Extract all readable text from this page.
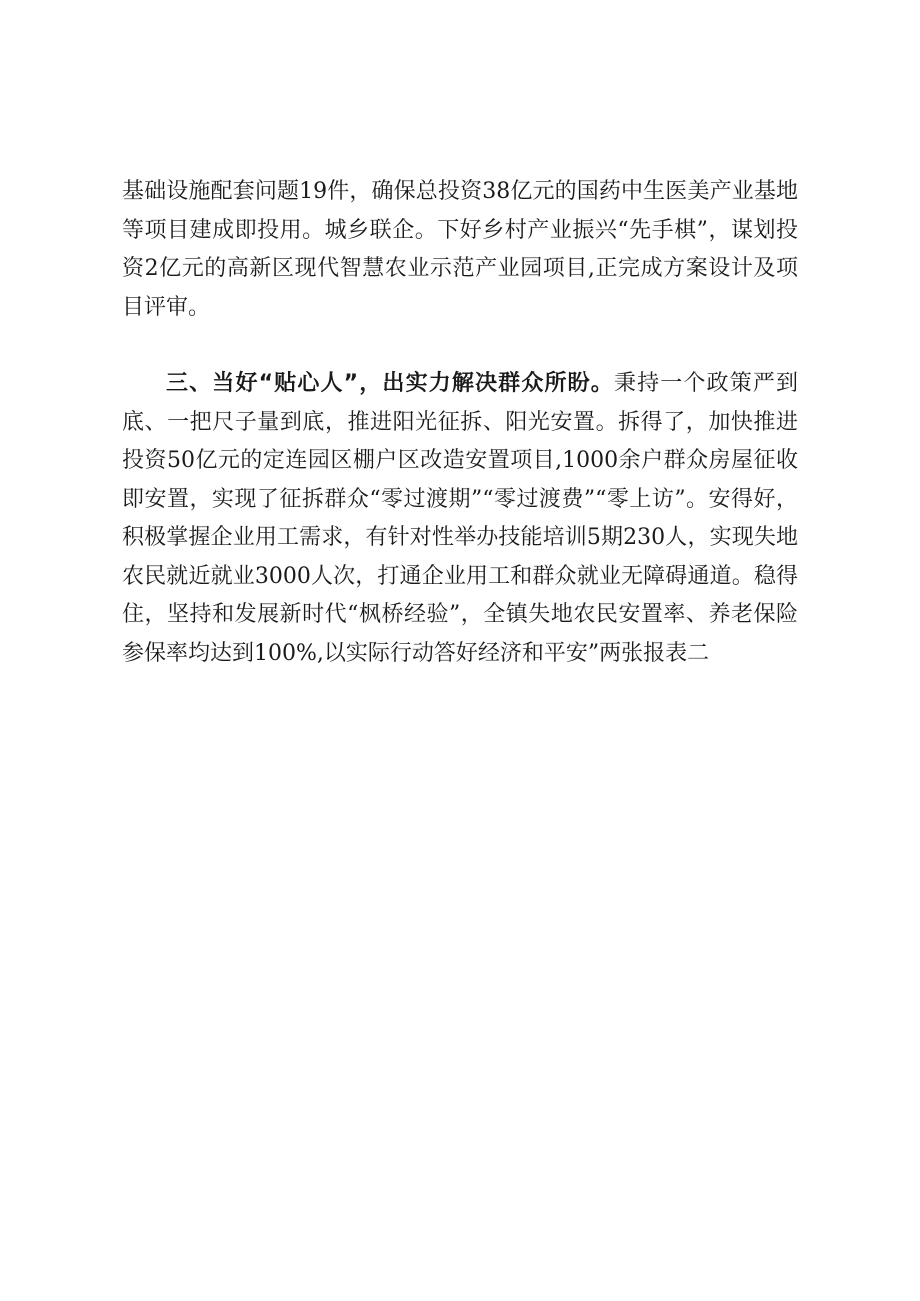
基础设施配套问题19件，确保总投资38亿元的国药中生医美产业基地等项目建成即投用。城乡联企。下好乡村产业振兴“先手棋”，谋划投资2亿元的高新区现代智慧农业示范产业园项目,正完成方案设计及项目评审。

三、当好“贴心人”，出实力解决群众所盼。秉持一个政策严到底、一把尺子量到底，推进阳光征拆、阳光安置。拆得了，加快推进投资50亿元的定连园区棚户区改造安置项目,1000余户群众房屋征收即安置，实现了征拆群众“零过渡期”“零过渡费”“零上访”。安得好，积极掌握企业用工需求，有针对性举办技能培训5期230人，实现失地农民就近就业3000人次，打通企业用工和群众就业无障碍通道。稳得住，坚持和发展新时代“枫桥经验”，全镇失地农民安置率、养老保险参保率均达到100%,以实际行动答好经济和平安”两张报表二
